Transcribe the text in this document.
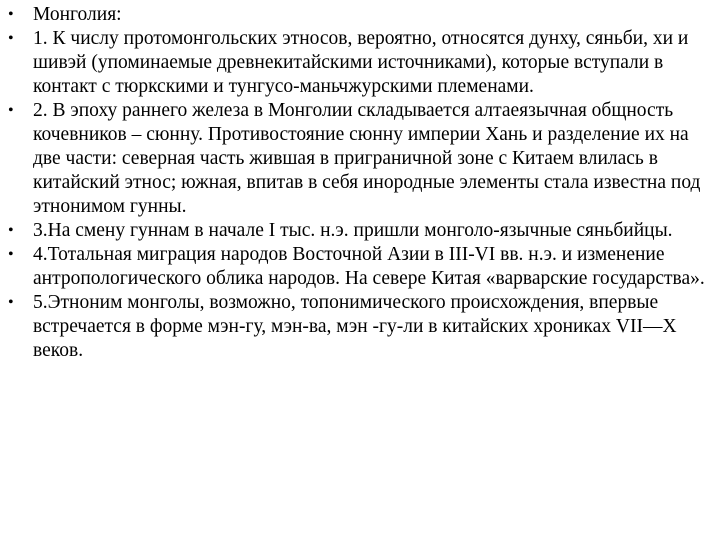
• Монголия:
• 1. К числу протомонгольских этносов, вероятно, относятся дунху, сяньби, хи и шивэй (упоминаемые древнекитайскими источниками), которые вступали в контакт с тюркскими и тунгусо-маньчжурскими племенами.
• 2. В эпоху раннего железа в Монголии складывается алтаеязычная общность кочевников – сюнну. Противостояние сюнну империи Хань и разделение их на две части: северная часть жившая в приграничной зоне с Китаем влилась в китайский этнос; южная, впитав в себя инородные элементы стала известна под этнонимом гунны.
• 3.На смену гуннам в начале I тыс. н.э. пришли монголо-язычные сяньбийцы.
• 4.Тотальная миграция народов Восточной Азии в III-VI вв. н.э. и изменение антропологического облика народов. На севере Китая «варварские государства».
• 5.Этноним монголы, возможно, топонимического происхождения, впервые встречается в форме мэн-гу, мэн-ва, мэн -гу-ли в китайских хрониках VII—X веков.
